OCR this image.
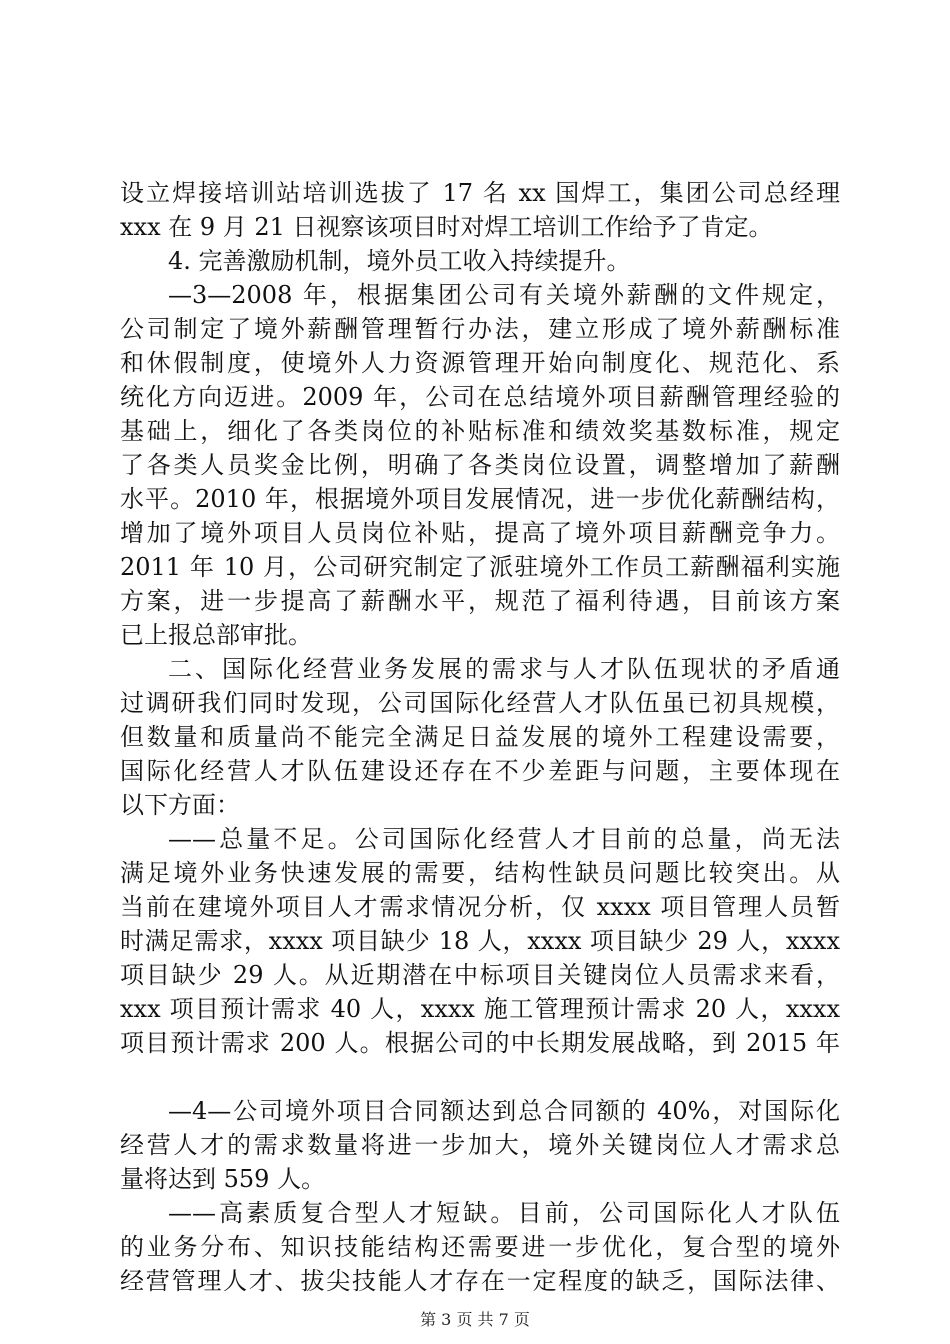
设立焊接培训站培训选拔了 17 名 xx 国焊工，集团公司总经理
xxx 在 9 月 21 日视察该项目时对焊工培训工作给予了肯定。
4. 完善激励机制，境外员工收入持续提升。
—3—2008 年，根据集团公司有关境外薪酬的文件规定，
公司制定了境外薪酬管理暂行办法，建立形成了境外薪酬标准
和休假制度，使境外人力资源管理开始向制度化、规范化、系
统化方向迈进。2009 年，公司在总结境外项目薪酬管理经验的
基础上，细化了各类岗位的补贴标准和绩效奖基数标准，规定
了各类人员奖金比例，明确了各类岗位设置，调整增加了薪酬
水平。2010 年，根据境外项目发展情况，进一步优化薪酬结构，
增加了境外项目人员岗位补贴，提高了境外项目薪酬竞争力。
2011 年 10 月，公司研究制定了派驻境外工作员工薪酬福利实施
方案，进一步提高了薪酬水平，规范了福利待遇，目前该方案
已上报总部审批。
二、国际化经营业务发展的需求与人才队伍现状的矛盾通
过调研我们同时发现，公司国际化经营人才队伍虽已初具规模，
但数量和质量尚不能完全满足日益发展的境外工程建设需要，
国际化经营人才队伍建设还存在不少差距与问题，主要体现在
以下方面：
——总量不足。公司国际化经营人才目前的总量，尚无法
满足境外业务快速发展的需要，结构性缺员问题比较突出。从
当前在建境外项目人才需求情况分析，仅 xxxx 项目管理人员暂
时满足需求，xxxx 项目缺少 18 人，xxxx 项目缺少 29 人，xxxx
项目缺少 29 人。从近期潜在中标项目关键岗位人员需求来看，
xxx 项目预计需求 40 人，xxxx 施工管理预计需求 20 人，xxxx
项目预计需求 200 人。根据公司的中长期发展战略，到 2015 年
—4—公司境外项目合同额达到总合同额的 40%，对国际化
经营人才的需求数量将进一步加大，境外关键岗位人才需求总
量将达到 559 人。
——高素质复合型人才短缺。目前，公司国际化人才队伍
的业务分布、知识技能结构还需要进一步优化，复合型的境外
经营管理人才、拔尖技能人才存在一定程度的缺乏，国际法律、
第 3 页 共 7 页
